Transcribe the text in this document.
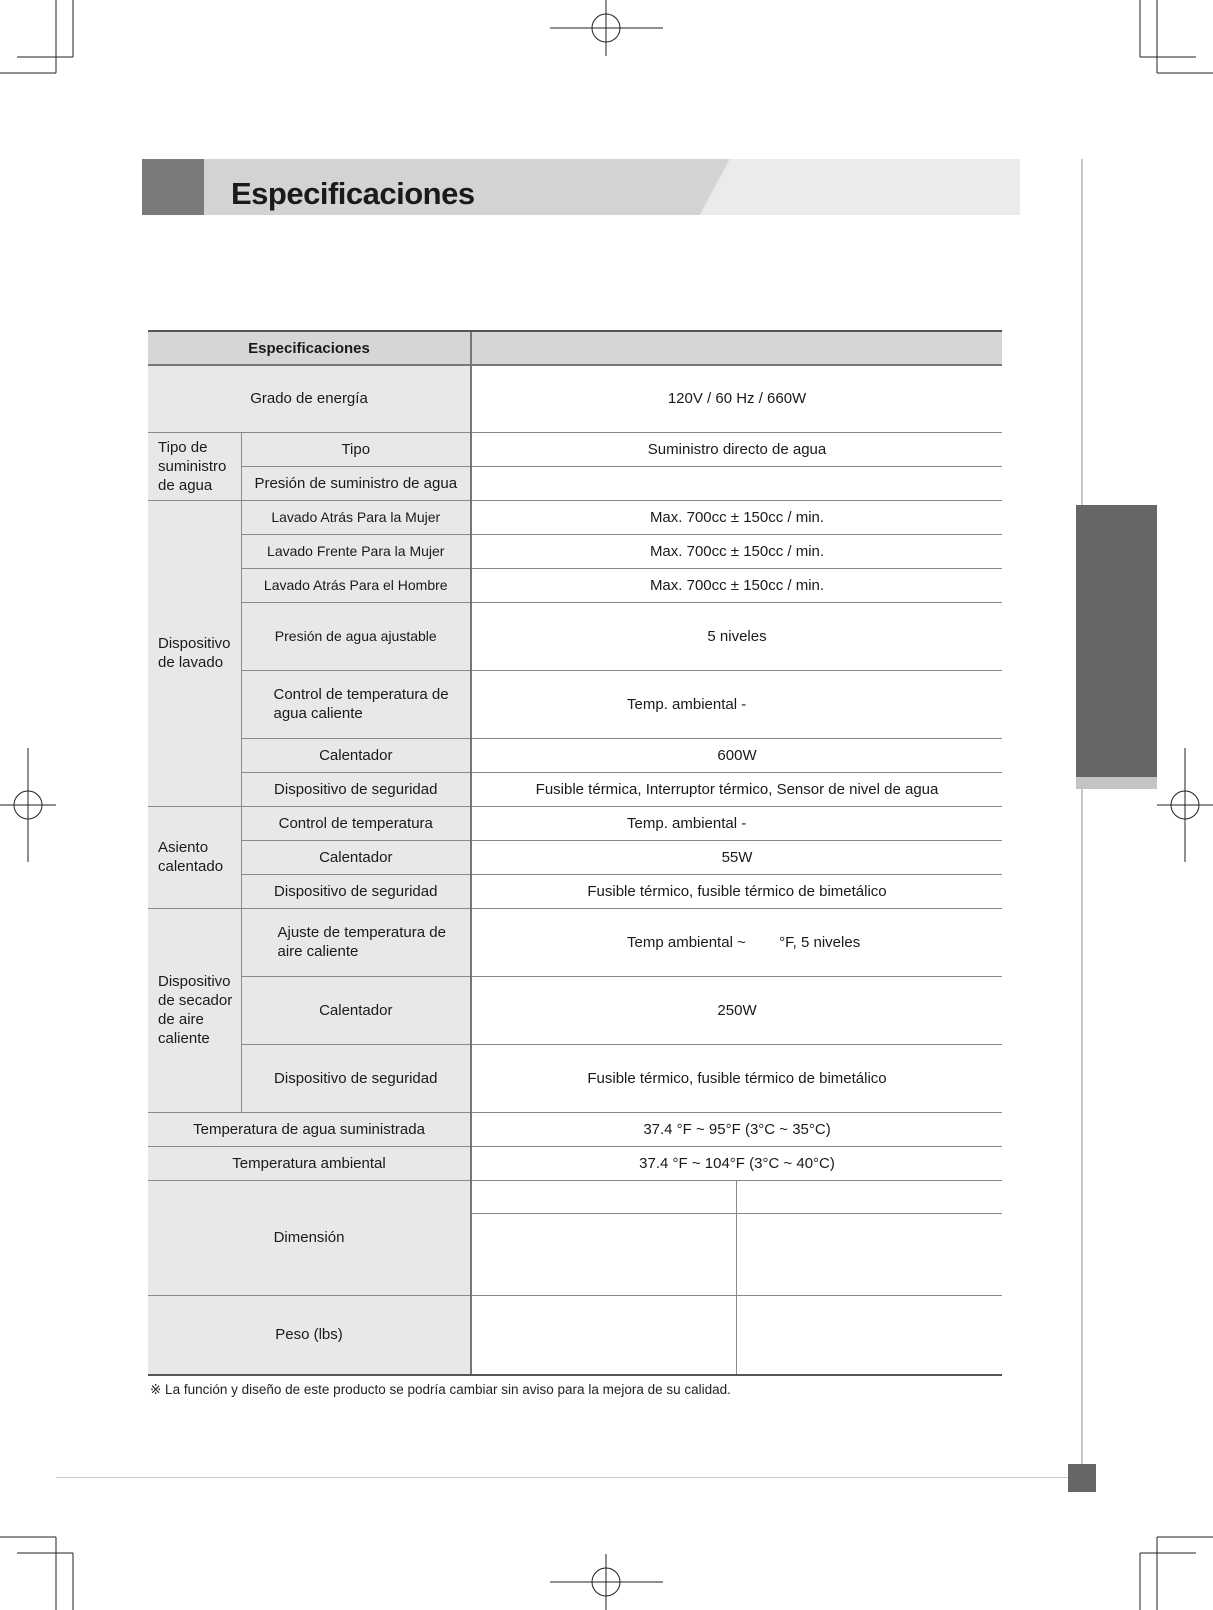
Especificaciones
Especificaciones			
Grado de energía		120V / 60 Hz / 660W	
Tipo de suministro de agua	Tipo	Suministro directo de agua	
	Presión de suministro de agua		
Dispositivo de lavado	Lavado Atrás Para la Mujer	Max. 700cc ± 150cc / min.	
	Lavado Frente Para la Mujer	Max. 700cc ± 150cc / min.	
	Lavado Atrás Para el Hombre	Max. 700cc ± 150cc / min.	
	Presión de agua ajustable	5 niveles	
	Control de temperatura de agua caliente	Temp. ambiental -	
	Calentador	600W	
	Dispositivo de seguridad	Fusible térmica, Interruptor térmico, Sensor de nivel de agua	
Asiento calentado	Control de temperatura	Temp. ambiental -	
	Calentador	55W	
	Dispositivo de seguridad	Fusible térmico, fusible térmico de bimetálico	
Dispositivo de secador de aire caliente	Ajuste de temperatura de aire caliente	Temp ambiental ~        °F, 5 niveles	
	Calentador	250W	
	Dispositivo de seguridad	Fusible térmico, fusible térmico de bimetálico	
Temperatura de agua suministrada		37.4 °F ~ 95°F (3°C ~ 35°C)	
Temperatura ambiental		37.4 °F ~ 104°F (3°C ~ 40°C)	
Dimensión			

Peso (lbs)			
※ La función y diseño de este producto se podría cambiar sin aviso para la mejora de su calidad.
